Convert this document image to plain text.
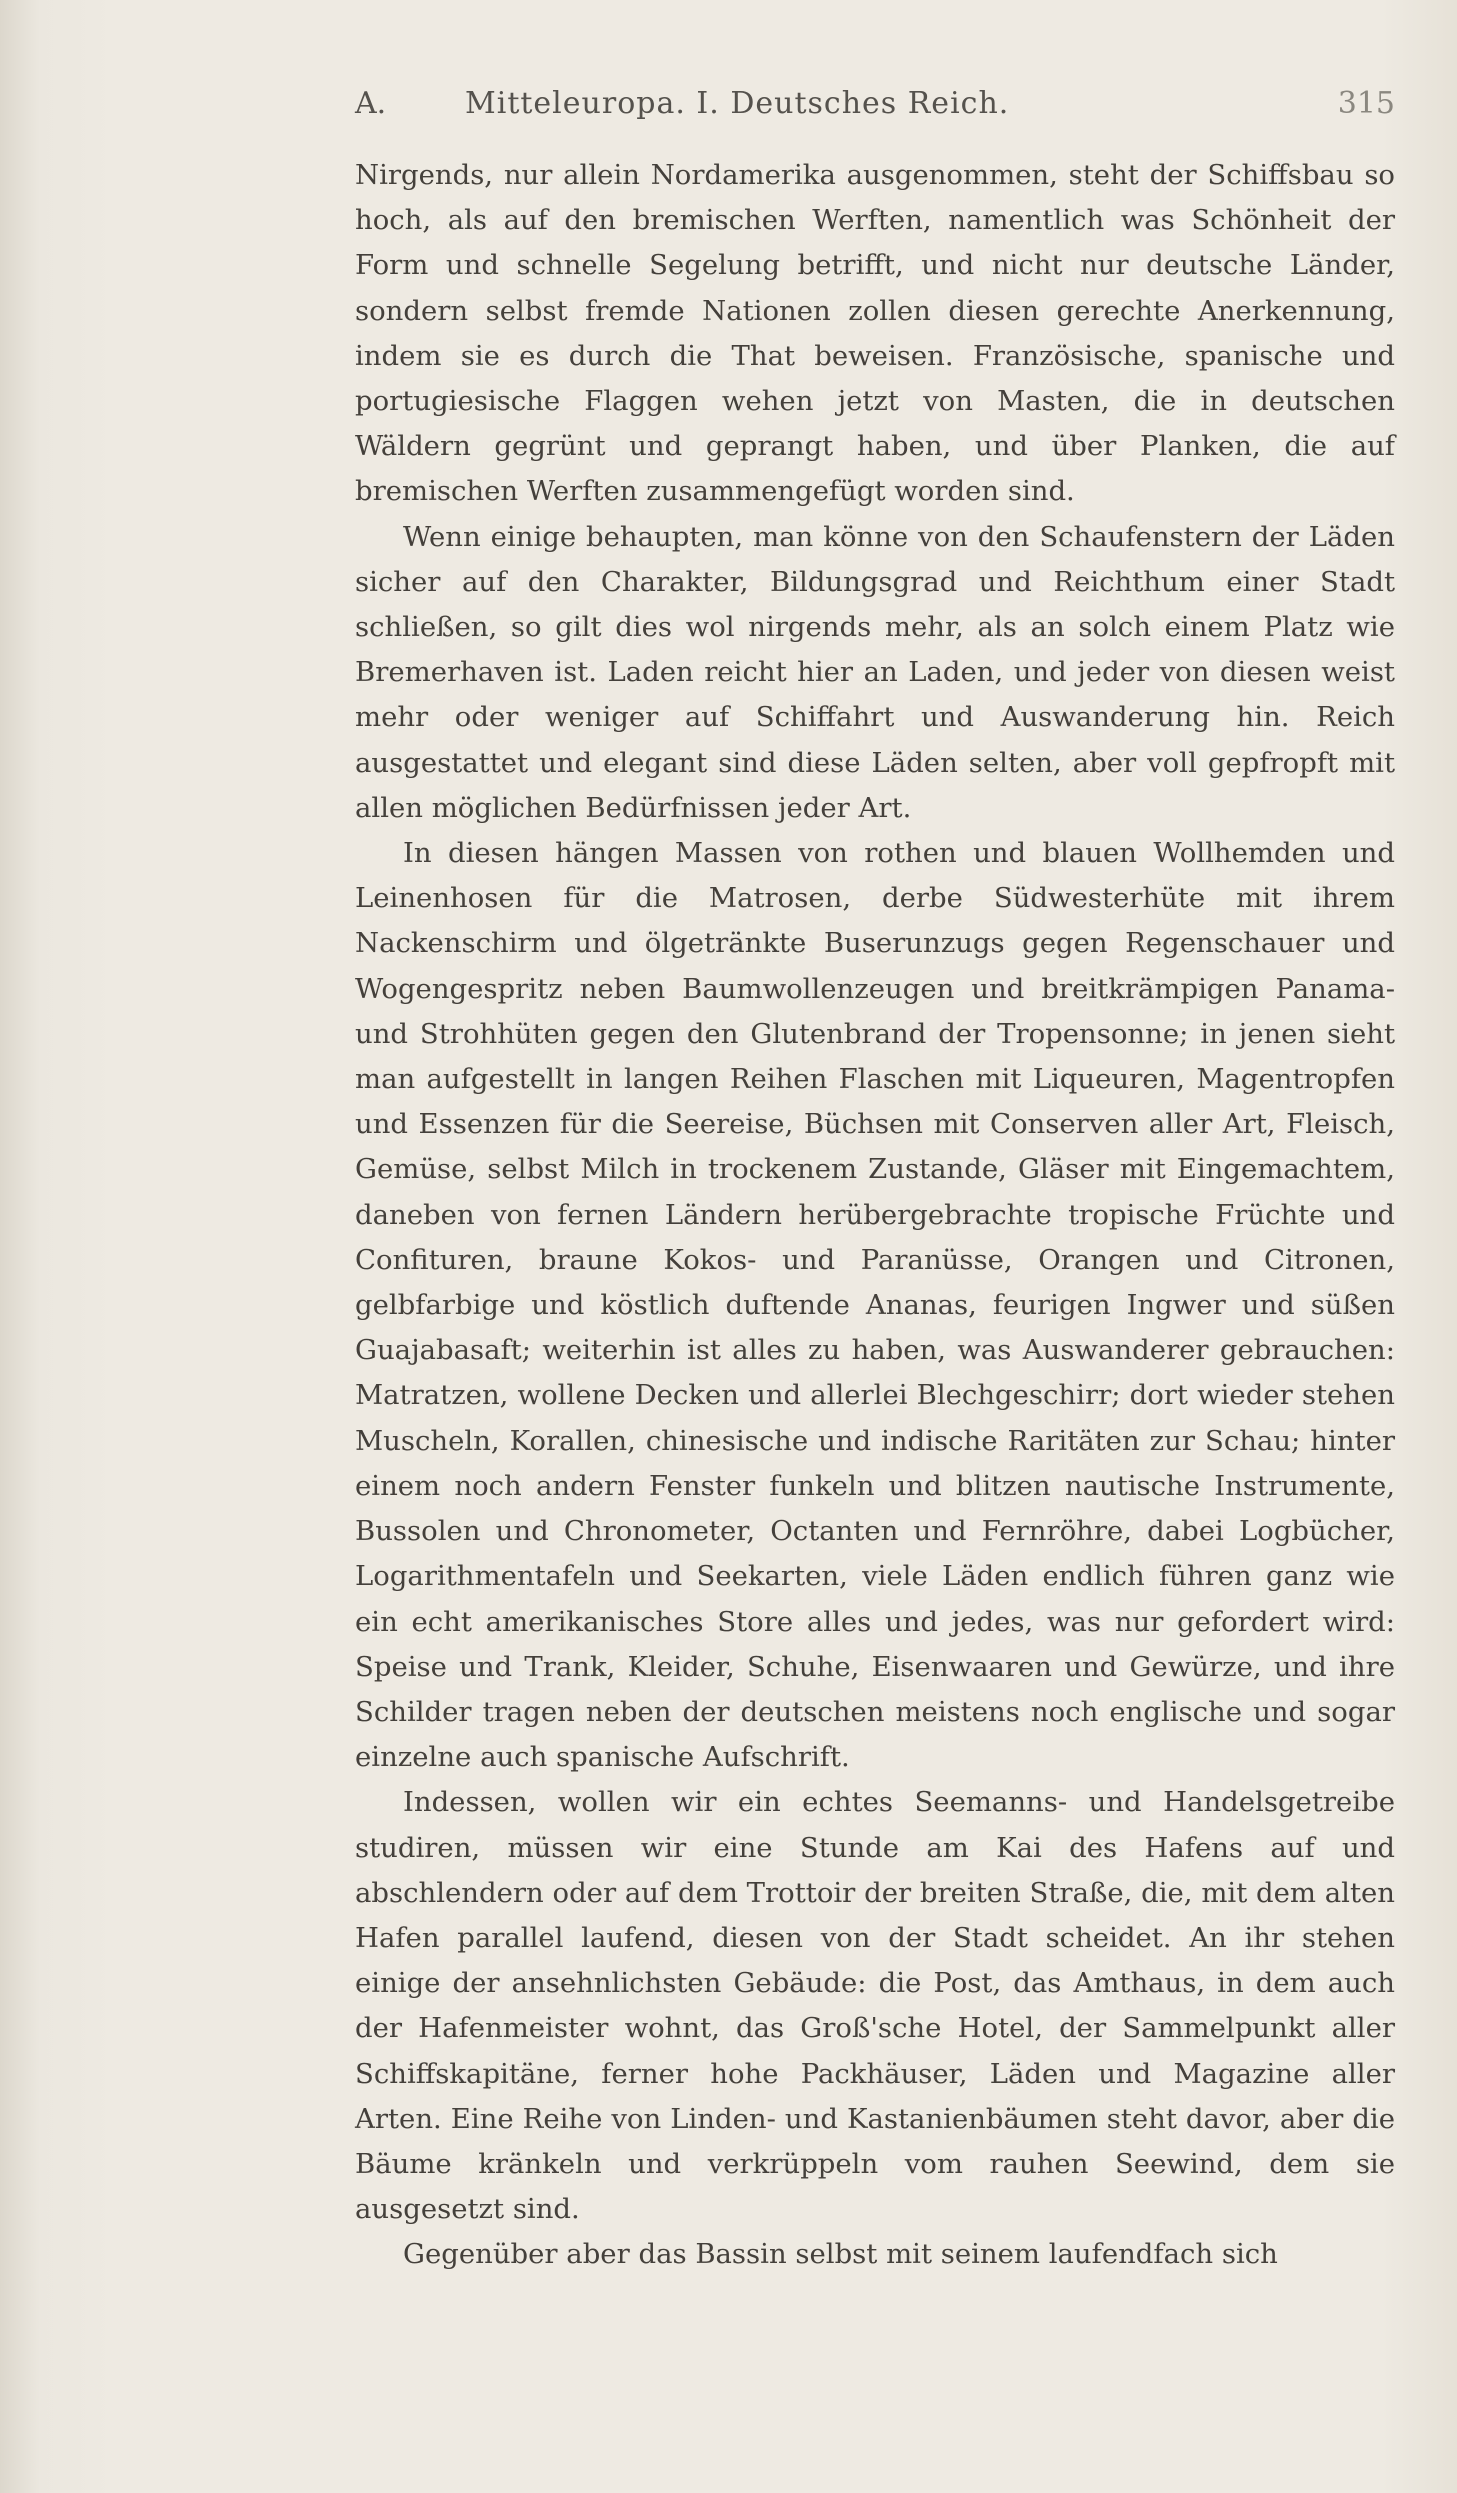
A.	Mitteleuropa. I. Deutsches Reich.	315

Nirgends, nur allein Nordamerika ausgenommen, steht der Schiffsbau so hoch, als auf den bremischen Werften, namentlich was Schönheit der Form und schnelle Segelung betrifft, und nicht nur deutsche Länder, sondern selbst fremde Nationen zollen diesen gerechte Anerkennung, indem sie es durch die That beweisen. Französische, spanische und portugiesische Flaggen wehen jetzt von Masten, die in deutschen Wäldern gegrünt und geprangt haben, und über Planken, die auf bremischen Werften zusammengefügt worden sind.

Wenn einige behaupten, man könne von den Schaufenstern der Läden sicher auf den Charakter, Bildungsgrad und Reichthum einer Stadt schließen, so gilt dies wol nirgends mehr, als an solch einem Platz wie Bremerhaven ist. Laden reicht hier an Laden, und jeder von diesen weist mehr oder weniger auf Schiffahrt und Auswanderung hin. Reich ausgestattet und elegant sind diese Läden selten, aber voll gepfropft mit allen möglichen Bedürfnissen jeder Art.

In diesen hängen Massen von rothen und blauen Wollhemden und Leinenhosen für die Matrosen, derbe Südwesterhüte mit ihrem Nackenschirm und ölgetränkte Buserunzugs gegen Regenschauer und Wogengespritz neben Baumwollenzeugen und breitkrämpigen Panama- und Strohhüten gegen den Glutenbrand der Tropensonne; in jenen sieht man aufgestellt in langen Reihen Flaschen mit Liqueuren, Magentropfen und Essenzen für die Seereise, Büchsen mit Conserven aller Art, Fleisch, Gemüse, selbst Milch in trockenem Zustande, Gläser mit Eingemachtem, daneben von fernen Ländern herübergebrachte tropische Früchte und Confituren, braune Kokos- und Paranüsse, Orangen und Citronen, gelbfarbige und köstlich duftende Ananas, feurigen Ingwer und süßen Guajabasaft; weiterhin ist alles zu haben, was Auswanderer gebrauchen: Matratzen, wollene Decken und allerlei Blechgeschirr; dort wieder stehen Muscheln, Korallen, chinesische und indische Raritäten zur Schau; hinter einem noch andern Fenster funkeln und blitzen nautische Instrumente, Bussolen und Chronometer, Octanten und Fernröhre, dabei Logbücher, Logarithmentafeln und Seekarten, viele Läden endlich führen ganz wie ein echt amerikanisches Store alles und jedes, was nur gefordert wird: Speise und Trank, Kleider, Schuhe, Eisenwaaren und Gewürze, und ihre Schilder tragen neben der deutschen meistens noch englische und sogar einzelne auch spanische Aufschrift.

Indessen, wollen wir ein echtes Seemanns- und Handelsgetreibe studiren, müssen wir eine Stunde am Kai des Hafens auf und abschlendern oder auf dem Trottoir der breiten Straße, die, mit dem alten Hafen parallel laufend, diesen von der Stadt scheidet. An ihr stehen einige der ansehnlichsten Gebäude: die Post, das Amthaus, in dem auch der Hafenmeister wohnt, das Groß'sche Hotel, der Sammelpunkt aller Schiffskapitäne, ferner hohe Packhäuser, Läden und Magazine aller Arten. Eine Reihe von Linden- und Kastanienbäumen steht davor, aber die Bäume kränkeln und verkrüppeln vom rauhen Seewind, dem sie ausgesetzt sind.

Gegenüber aber das Bassin selbst mit seinem laufendfach sich
